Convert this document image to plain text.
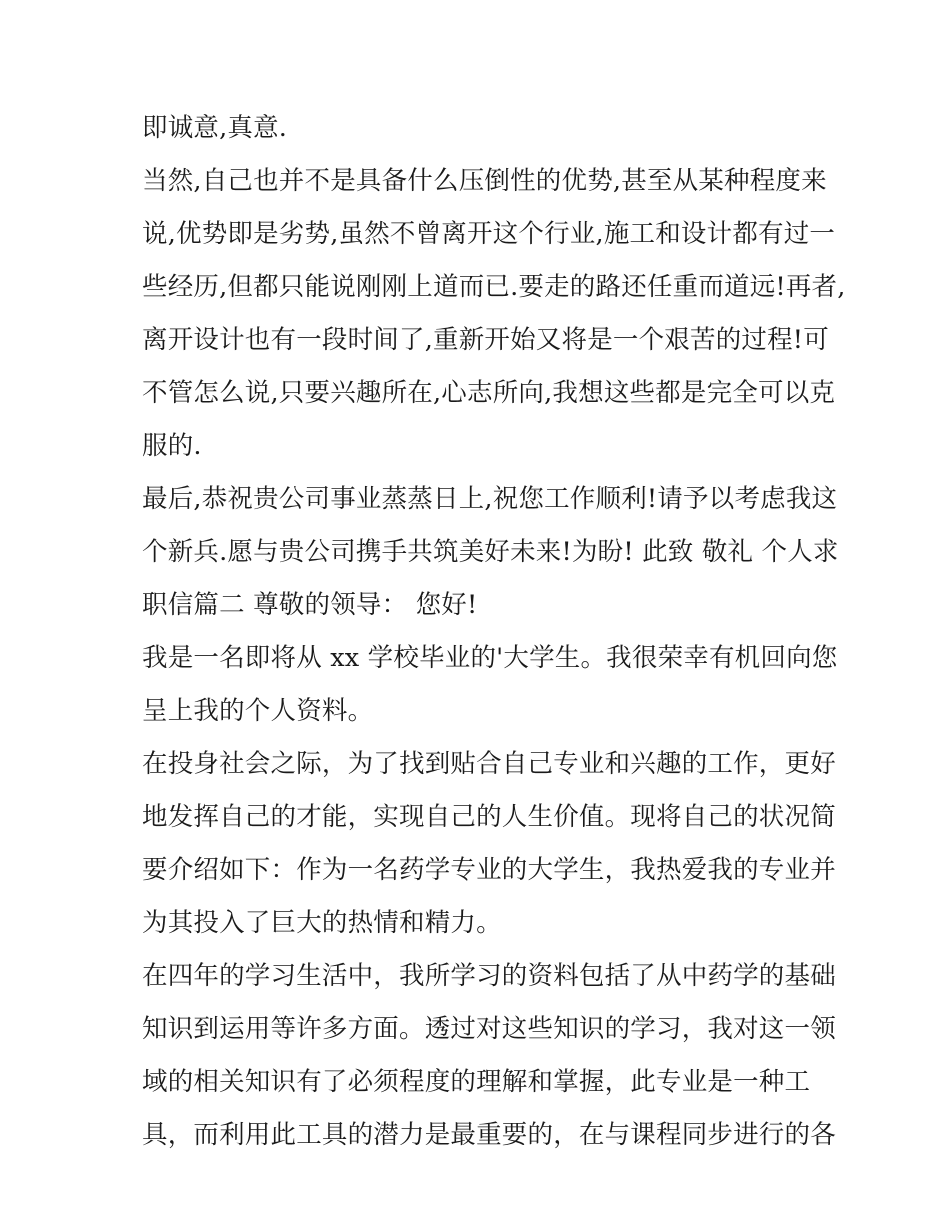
即诚意,真意.
当然,自己也并不是具备什么压倒性的优势,甚至从某种程度来
说,优势即是劣势,虽然不曾离开这个行业,施工和设计都有过一
些经历,但都只能说刚刚上道而已.要走的路还任重而道远!再者,
离开设计也有一段时间了,重新开始又将是一个艰苦的过程!可
不管怎么说,只要兴趣所在,心志所向,我想这些都是完全可以克
服的.
最后,恭祝贵公司事业蒸蒸日上,祝您工作顺利!请予以考虑我这
个新兵.愿与贵公司携手共筑美好未来!为盼! 此致 敬礼 个人求
职信篇二 尊敬的领导： 您好!
我是一名即将从 xx 学校毕业的'大学生。我很荣幸有机回向您
呈上我的个人资料。
在投身社会之际，为了找到贴合自己专业和兴趣的工作，更好
地发挥自己的才能，实现自己的人生价值。现将自己的状况简
要介绍如下：作为一名药学专业的大学生，我热爱我的专业并
为其投入了巨大的热情和精力。
在四年的学习生活中，我所学习的资料包括了从中药学的基础
知识到运用等许多方面。透过对这些知识的学习，我对这一领
域的相关知识有了必须程度的理解和掌握，此专业是一种工
具，而利用此工具的潜力是最重要的，在与课程同步进行的各
